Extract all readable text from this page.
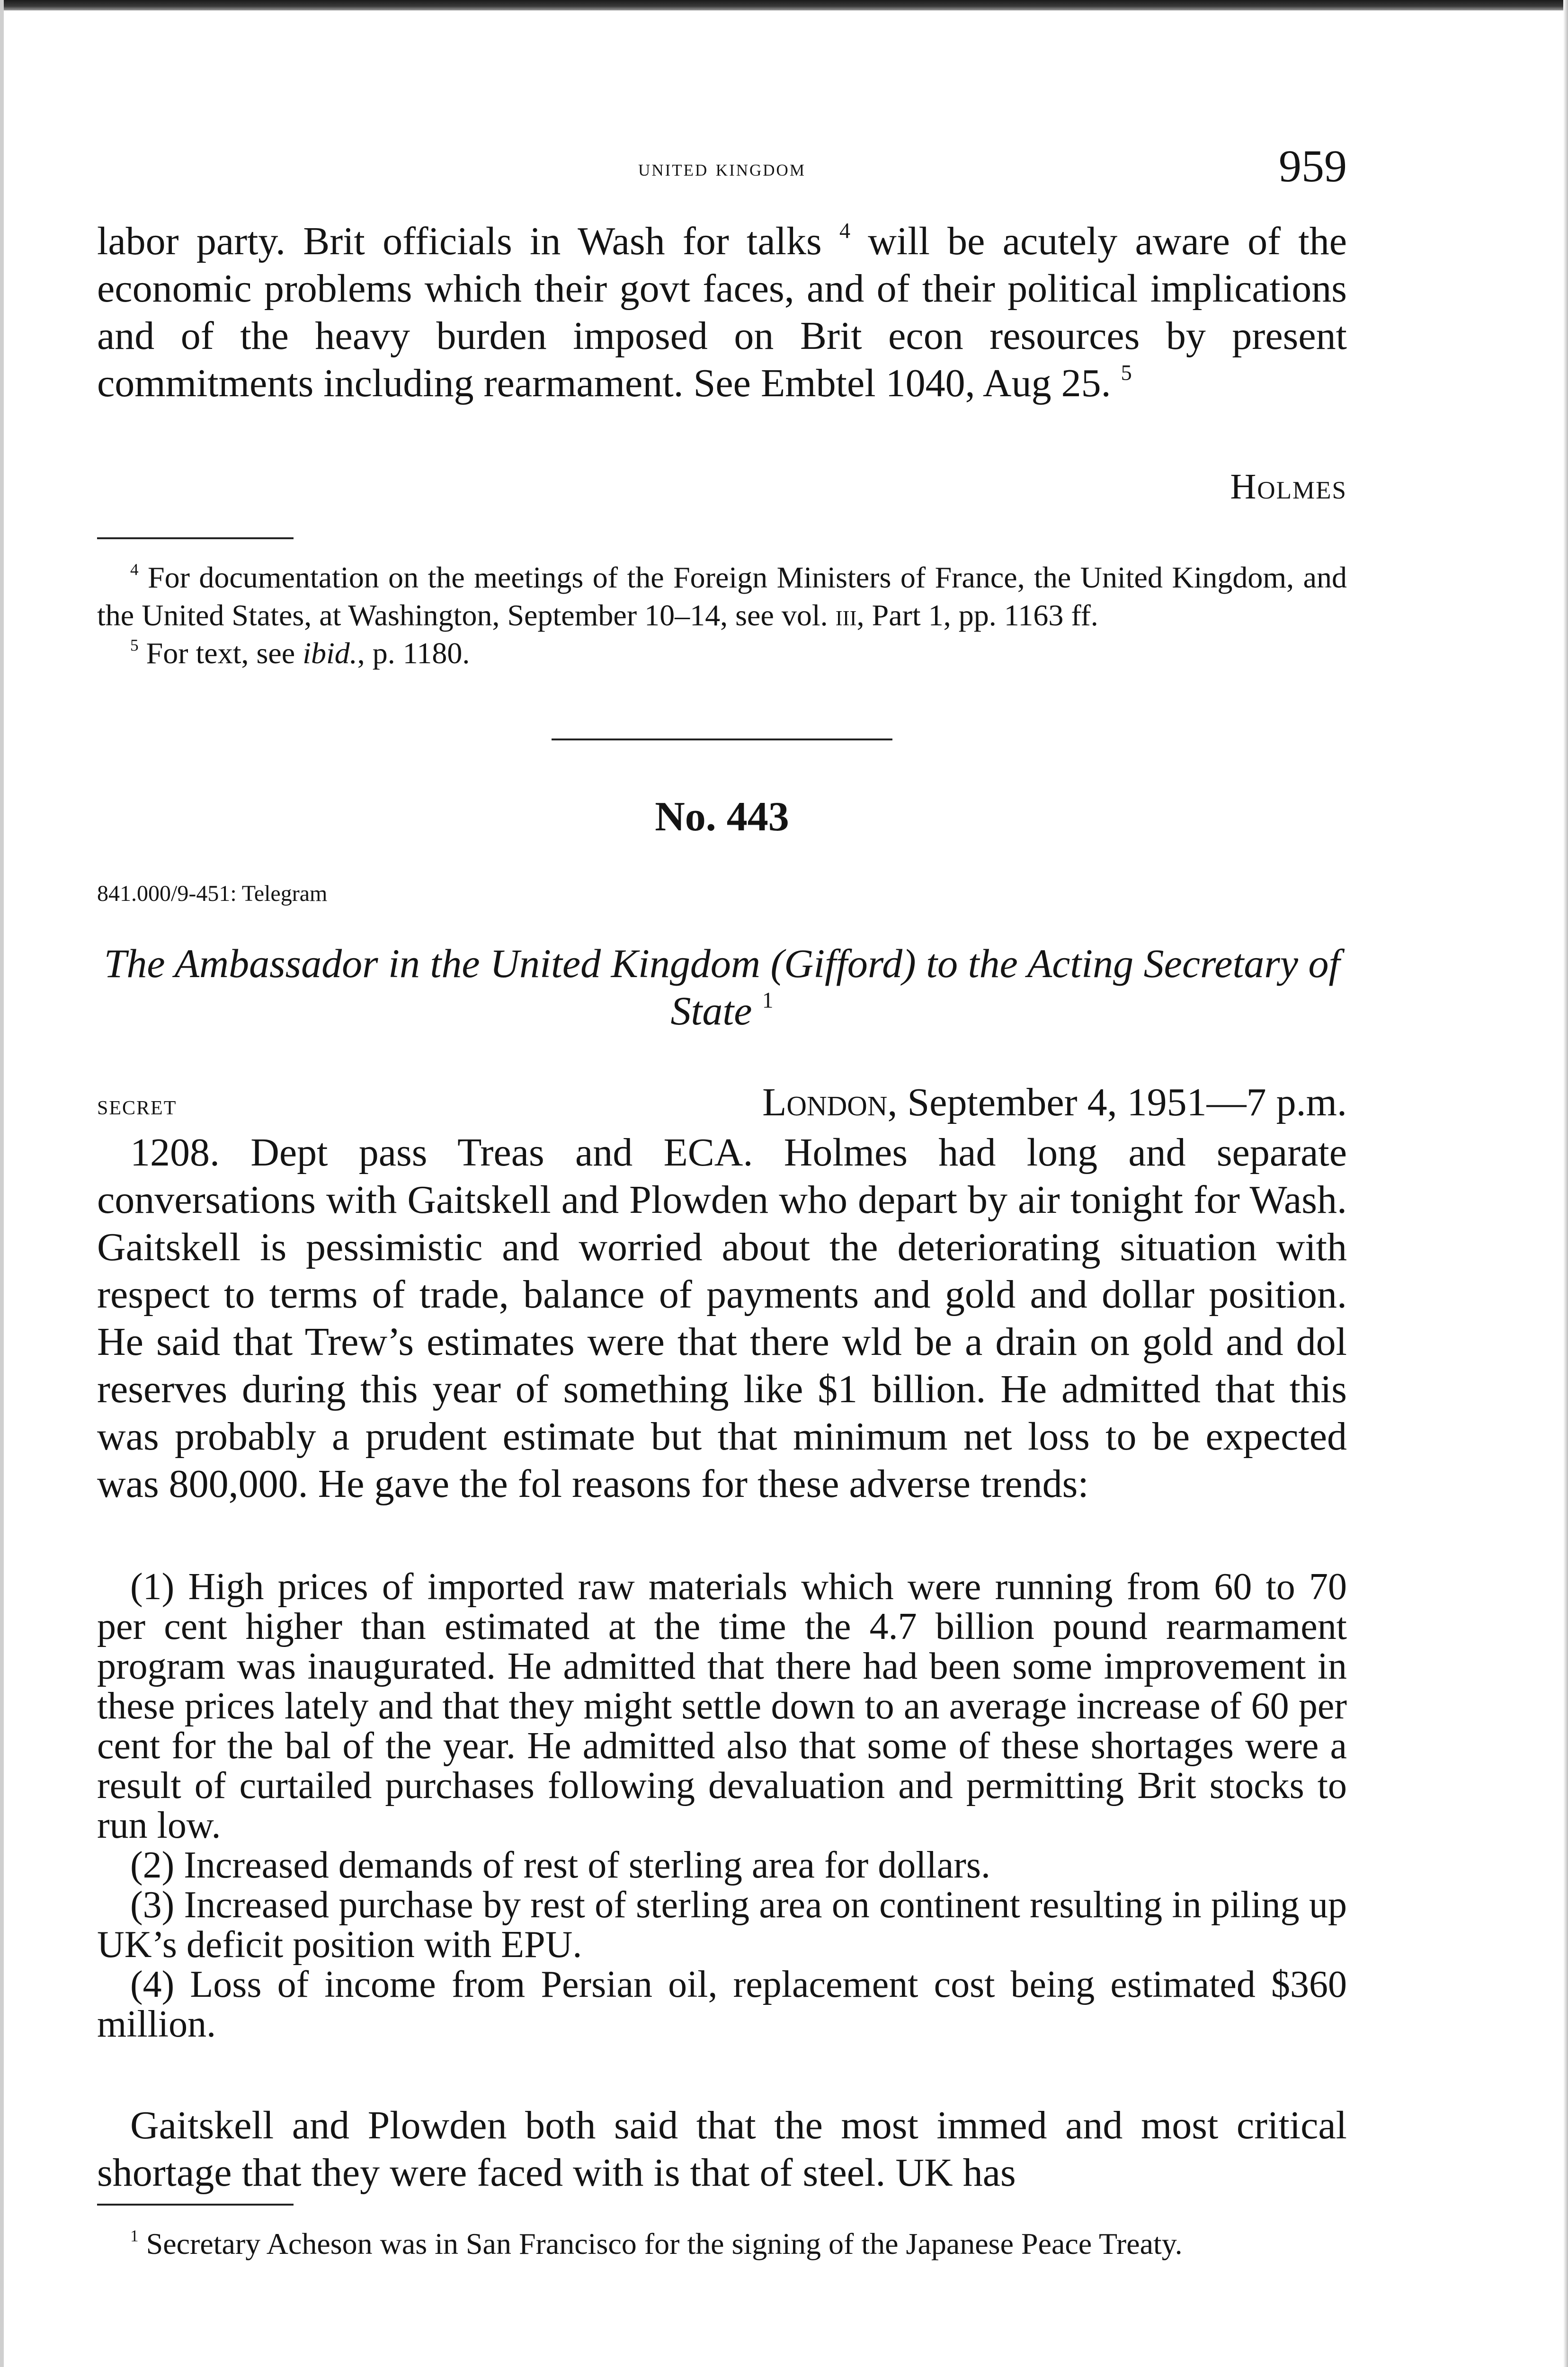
united kingdom	959

labor party. Brit officials in Wash for talks $^4$ will be acutely aware of the economic problems which their govt faces, and of their political implications and of the heavy burden imposed on Brit econ resources by present commitments including rearmament. See Embtel 1040, Aug 25. $^5$

Holmes

$^4$ For documentation on the meetings of the Foreign Ministers of France, the United Kingdom, and the United States, at Washington, September 10–14, see vol. iii, Part 1, pp. 1163 ff.

$^5$ For text, see ibid., p. 1180.

No. 443
841.000/9-451: Telegram
The Ambassador in the United Kingdom (Gifford) to the Acting Secretary of State $^1$
secret	London, September 4, 1951—7 p.m.

1208. Dept pass Treas and ECA. Holmes had long and separate conversations with Gaitskell and Plowden who depart by air tonight for Wash. Gaitskell is pessimistic and worried about the deteriorating situation with respect to terms of trade, balance of payments and gold and dollar position. He said that Trew’s estimates were that there wld be a drain on gold and dol reserves during this year of something like $1 billion. He admitted that this was probably a prudent estimate but that minimum net loss to be expected was 800,000. He gave the fol reasons for these adverse trends:

(1) High prices of imported raw materials which were running from 60 to 70 per cent higher than estimated at the time the 4.7 billion pound rearmament program was inaugurated. He admitted that there had been some improvement in these prices lately and that they might settle down to an average increase of 60 per cent for the bal of the year. He admitted also that some of these shortages were a result of curtailed purchases following devaluation and permitting Brit stocks to run low.

(2) Increased demands of rest of sterling area for dollars.

(3) Increased purchase by rest of sterling area on continent resulting in piling up UK’s deficit position with EPU.

(4) Loss of income from Persian oil, replacement cost being estimated $360 million.

Gaitskell and Plowden both said that the most immed and most critical shortage that they were faced with is that of steel. UK has

$^1$ Secretary Acheson was in San Francisco for the signing of the Japanese Peace Treaty.
